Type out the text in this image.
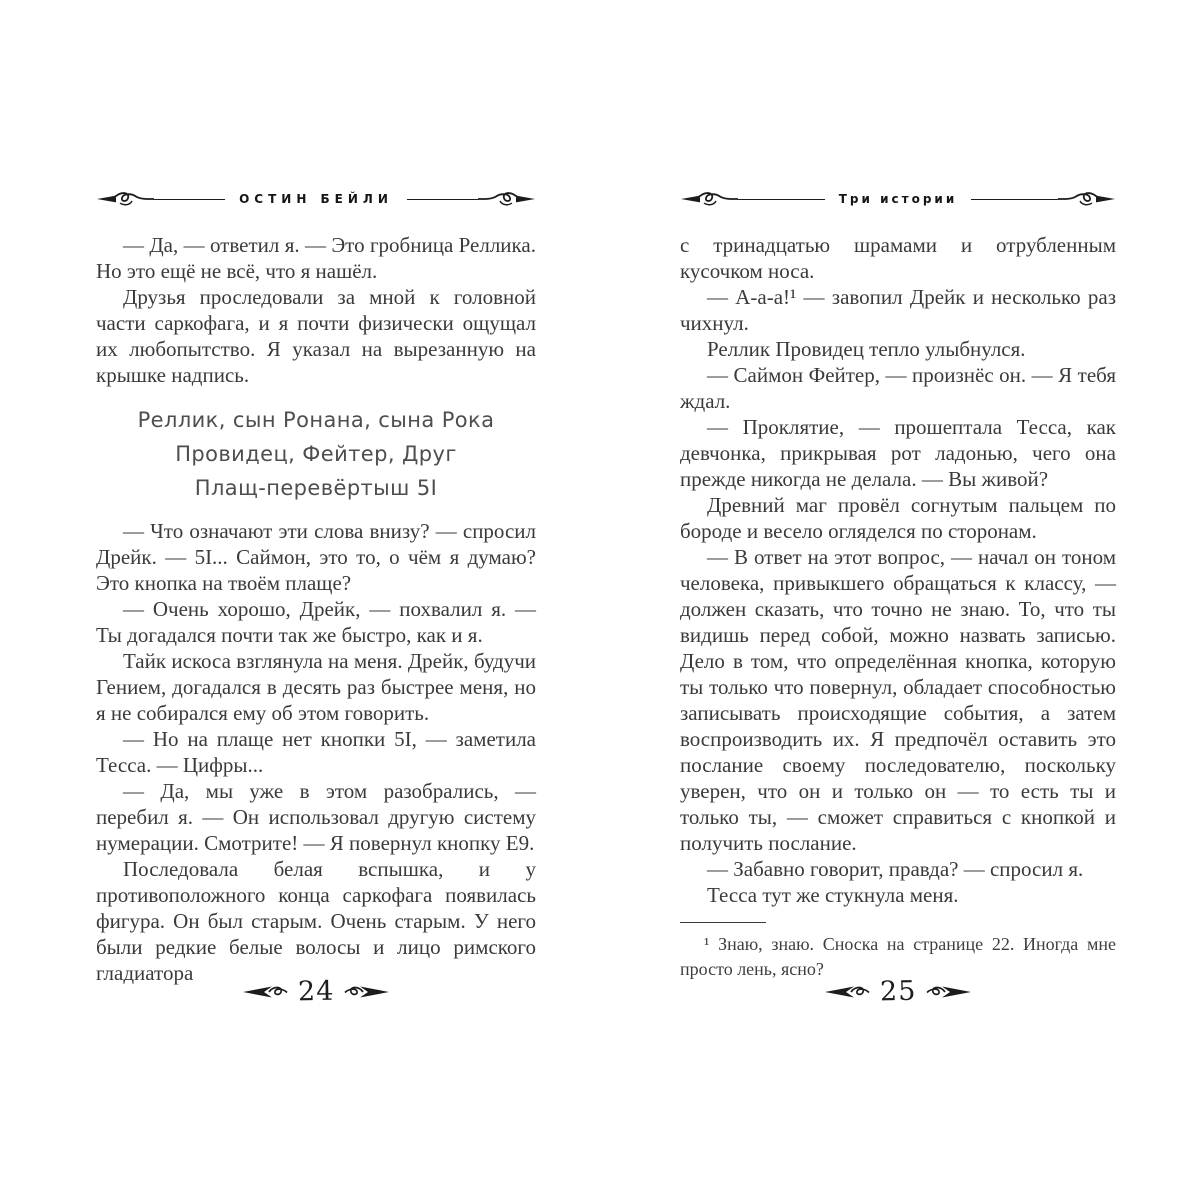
ОСТИН БЕЙЛИ

— Да, — ответил я. — Это гробница Реллика. Но это ещё не всё, что я нашёл.

Друзья проследовали за мной к головной части саркофага, и я почти физически ощущал их любопытство. Я указал на вырезанную на крышке надпись.

Реллик, сын Ронана, сына Рока
Провидец, Фейтер, Друг
Плащ-перевёртыш 5I

— Что означают эти слова внизу? — спросил Дрейк. — 5I... Саймон, это то, о чём я думаю? Это кнопка на твоём плаще?

— Очень хорошо, Дрейк, — похвалил я. — Ты догадался почти так же быстро, как и я.

Тайк искоса взглянула на меня. Дрейк, будучи Гением, догадался в десять раз быстрее меня, но я не собирался ему об этом говорить.

— Но на плаще нет кнопки 5I, — заметила Тесса. — Цифры...

— Да, мы уже в этом разобрались, — перебил я. — Он использовал другую систему нумерации. Смотрите! — Я повернул кнопку Е9.

Последовала белая вспышка, и у противоположного конца саркофага появилась фигура. Он был старым. Очень старым. У него были редкие белые волосы и лицо римского гладиатора

24
Три истории

с тринадцатью шрамами и отрубленным кусочком носа.

— А-а-а!¹ — завопил Дрейк и несколько раз чихнул.

Реллик Провидец тепло улыбнулся.

— Саймон Фейтер, — произнёс он. — Я тебя ждал.

— Проклятие, — прошептала Тесса, как девчонка, прикрывая рот ладонью, чего она прежде никогда не делала. — Вы живой?

Древний маг провёл согнутым пальцем по бороде и весело огляделся по сторонам.

— В ответ на этот вопрос, — начал он тоном человека, привыкшего обращаться к классу, — должен сказать, что точно не знаю. То, что ты видишь перед собой, можно назвать записью. Дело в том, что определённая кнопка, которую ты только что повернул, обладает способностью записывать происходящие события, а затем воспроизводить их. Я предпочёл оставить это послание своему последователю, поскольку уверен, что он и только он — то есть ты и только ты, — сможет справиться с кнопкой и получить послание.

— Забавно говорит, правда? — спросил я.

Тесса тут же стукнула меня.

¹ Знаю, знаю. Сноска на странице 22. Иногда мне просто лень, ясно?

25
